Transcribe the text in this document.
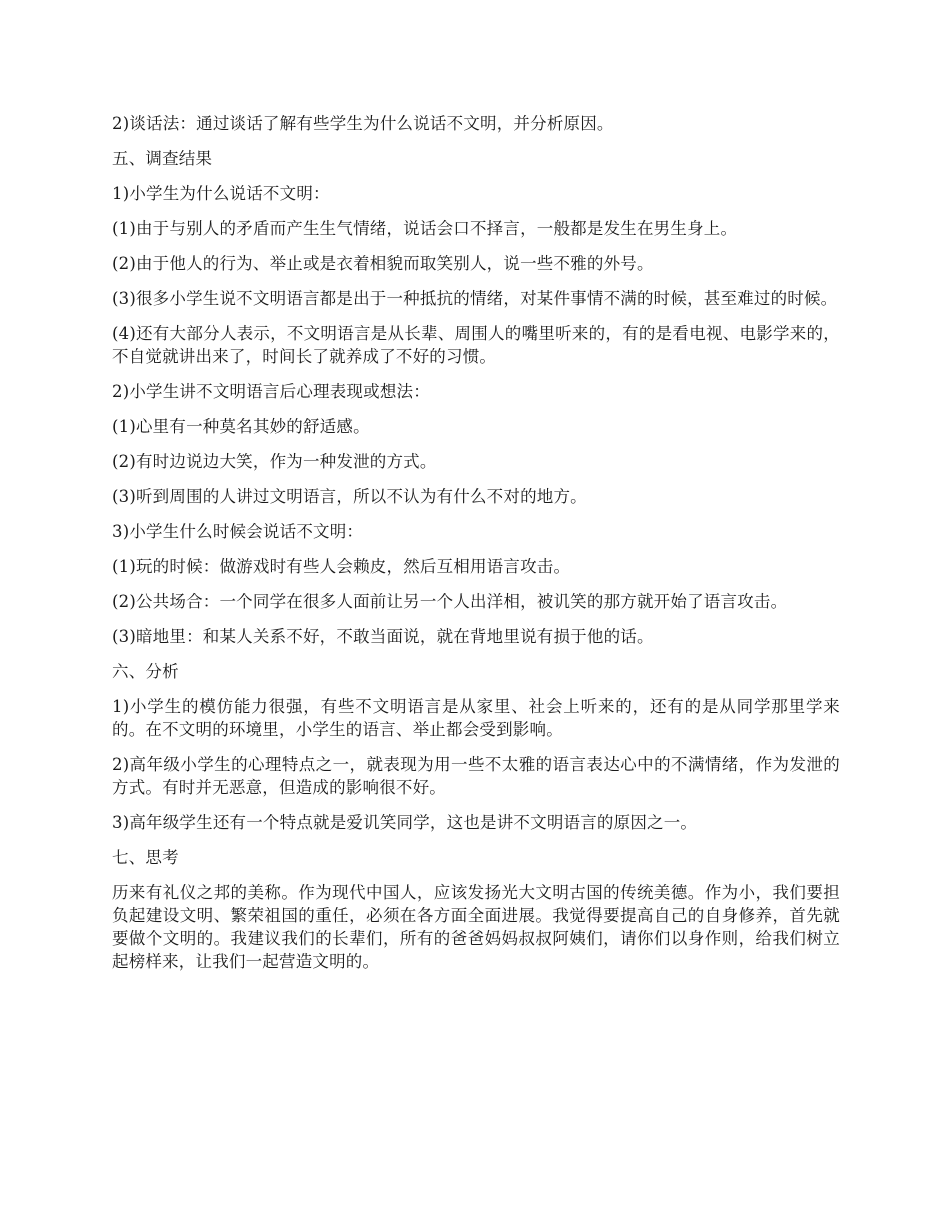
2)谈话法：通过谈话了解有些学生为什么说话不文明，并分析原因。

五、调查结果

1)小学生为什么说话不文明：

(1)由于与别人的矛盾而产生生气情绪，说话会口不择言，一般都是发生在男生身上。

(2)由于他人的行为、举止或是衣着相貌而取笑别人，说一些不雅的外号。

(3)很多小学生说不文明语言都是出于一种抵抗的情绪，对某件事情不满的时候，甚至难过的时候。

(4)还有大部分人表示，不文明语言是从长辈、周围人的嘴里听来的，有的是看电视、电影学来的，不自觉就讲出来了，时间长了就养成了不好的习惯。

2)小学生讲不文明语言后心理表现或想法：

(1)心里有一种莫名其妙的舒适感。

(2)有时边说边大笑，作为一种发泄的方式。

(3)听到周围的人讲过文明语言，所以不认为有什么不对的地方。

3)小学生什么时候会说话不文明：

(1)玩的时候：做游戏时有些人会赖皮，然后互相用语言攻击。

(2)公共场合：一个同学在很多人面前让另一个人出洋相，被讥笑的那方就开始了语言攻击。

(3)暗地里：和某人关系不好，不敢当面说，就在背地里说有损于他的话。

六、分析

1)小学生的模仿能力很强，有些不文明语言是从家里、社会上听来的，还有的是从同学那里学来的。在不文明的环境里，小学生的语言、举止都会受到影响。

2)高年级小学生的心理特点之一，就表现为用一些不太雅的语言表达心中的不满情绪，作为发泄的方式。有时并无恶意，但造成的影响很不好。

3)高年级学生还有一个特点就是爱讥笑同学，这也是讲不文明语言的原因之一。

七、思考

历来有礼仪之邦的美称。作为现代中国人，应该发扬光大文明古国的传统美德。作为小，我们要担负起建设文明、繁荣祖国的重任，必须在各方面全面进展。我觉得要提高自己的自身修养，首先就要做个文明的。我建议我们的长辈们，所有的爸爸妈妈叔叔阿姨们，请你们以身作则，给我们树立起榜样来，让我们一起营造文明的。
